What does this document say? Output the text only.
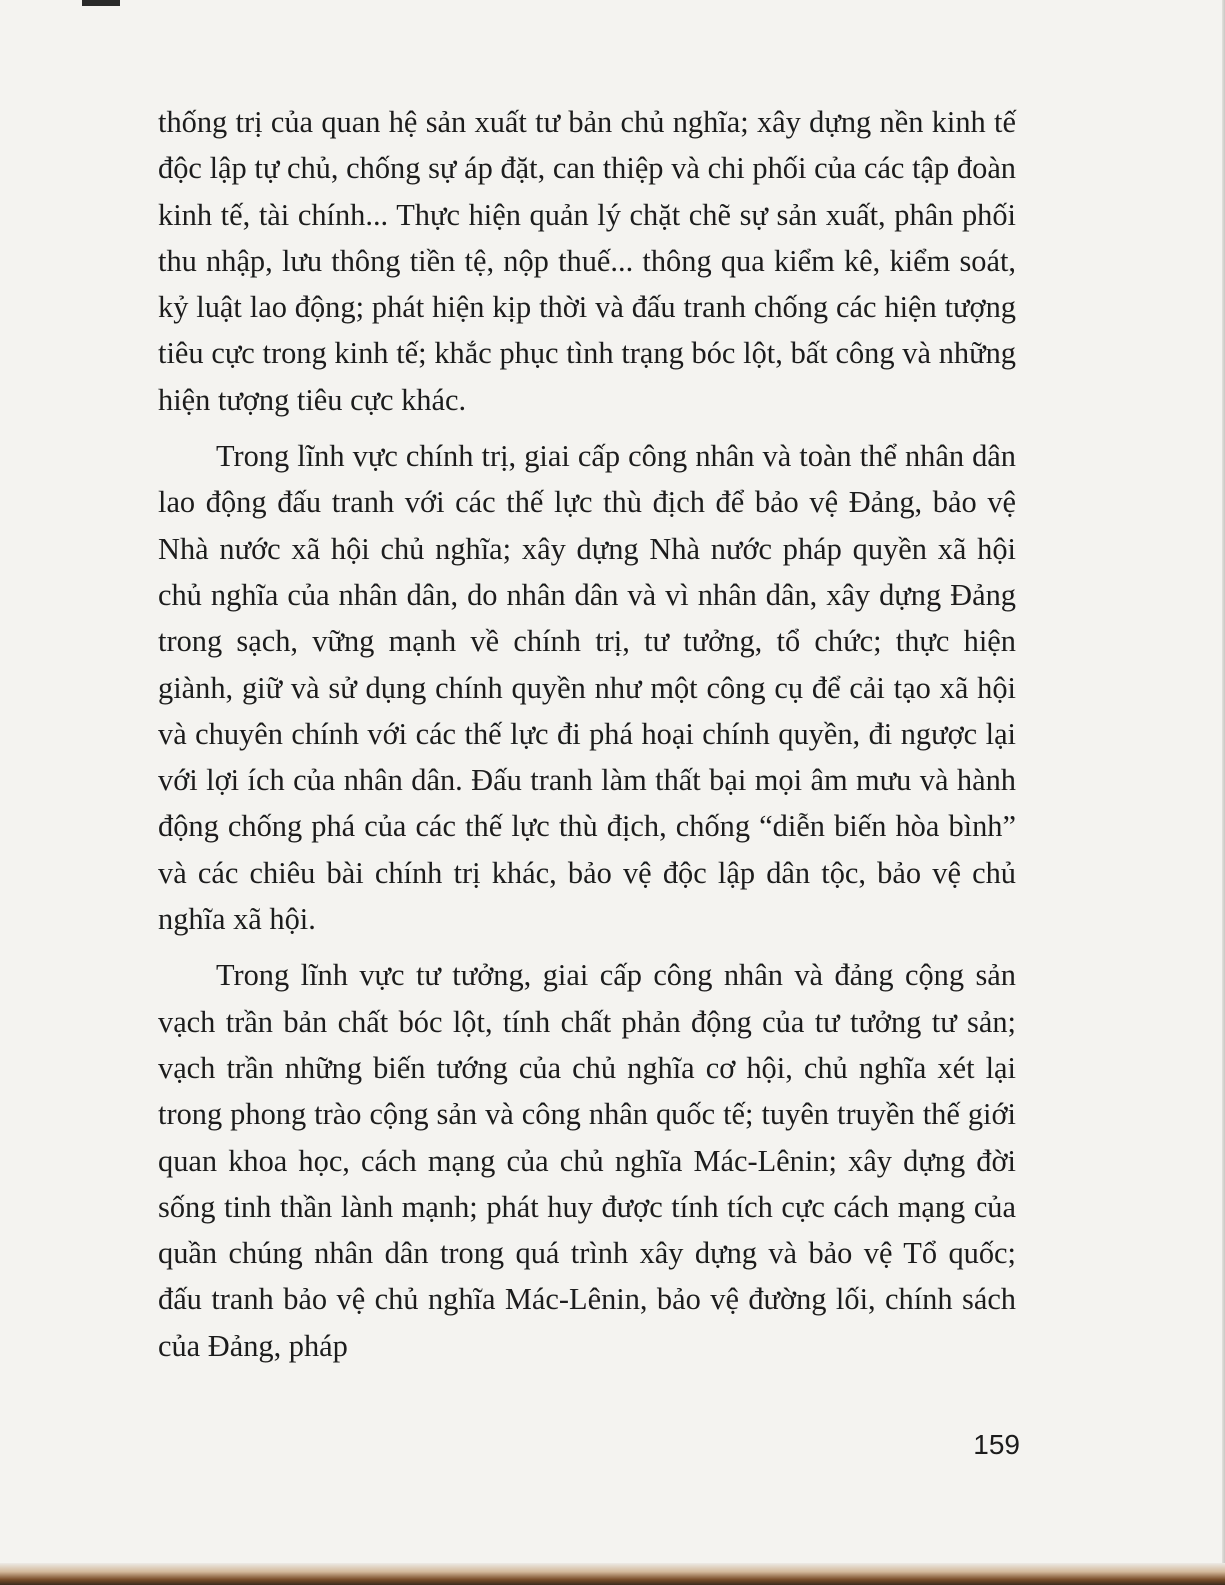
thống trị của quan hệ sản xuất tư bản chủ nghĩa; xây dựng nền kinh tế độc lập tự chủ, chống sự áp đặt, can thiệp và chi phối của các tập đoàn kinh tế, tài chính... Thực hiện quản lý chặt chẽ sự sản xuất, phân phối thu nhập, lưu thông tiền tệ, nộp thuế... thông qua kiểm kê, kiểm soát, kỷ luật lao động; phát hiện kịp thời và đấu tranh chống các hiện tượng tiêu cực trong kinh tế; khắc phục tình trạng bóc lột, bất công và những hiện tượng tiêu cực khác.

Trong lĩnh vực chính trị, giai cấp công nhân và toàn thể nhân dân lao động đấu tranh với các thế lực thù địch để bảo vệ Đảng, bảo vệ Nhà nước xã hội chủ nghĩa; xây dựng Nhà nước pháp quyền xã hội chủ nghĩa của nhân dân, do nhân dân và vì nhân dân, xây dựng Đảng trong sạch, vững mạnh về chính trị, tư tưởng, tổ chức; thực hiện giành, giữ và sử dụng chính quyền như một công cụ để cải tạo xã hội và chuyên chính với các thế lực đi phá hoại chính quyền, đi ngược lại với lợi ích của nhân dân. Đấu tranh làm thất bại mọi âm mưu và hành động chống phá của các thế lực thù địch, chống “diễn biến hòa bình” và các chiêu bài chính trị khác, bảo vệ độc lập dân tộc, bảo vệ chủ nghĩa xã hội.

Trong lĩnh vực tư tưởng, giai cấp công nhân và đảng cộng sản vạch trần bản chất bóc lột, tính chất phản động của tư tưởng tư sản; vạch trần những biến tướng của chủ nghĩa cơ hội, chủ nghĩa xét lại trong phong trào cộng sản và công nhân quốc tế; tuyên truyền thế giới quan khoa học, cách mạng của chủ nghĩa Mác-Lênin; xây dựng đời sống tinh thần lành mạnh; phát huy được tính tích cực cách mạng của quần chúng nhân dân trong quá trình xây dựng và bảo vệ Tổ quốc; đấu tranh bảo vệ chủ nghĩa Mác-Lênin, bảo vệ đường lối, chính sách của Đảng, pháp

159
